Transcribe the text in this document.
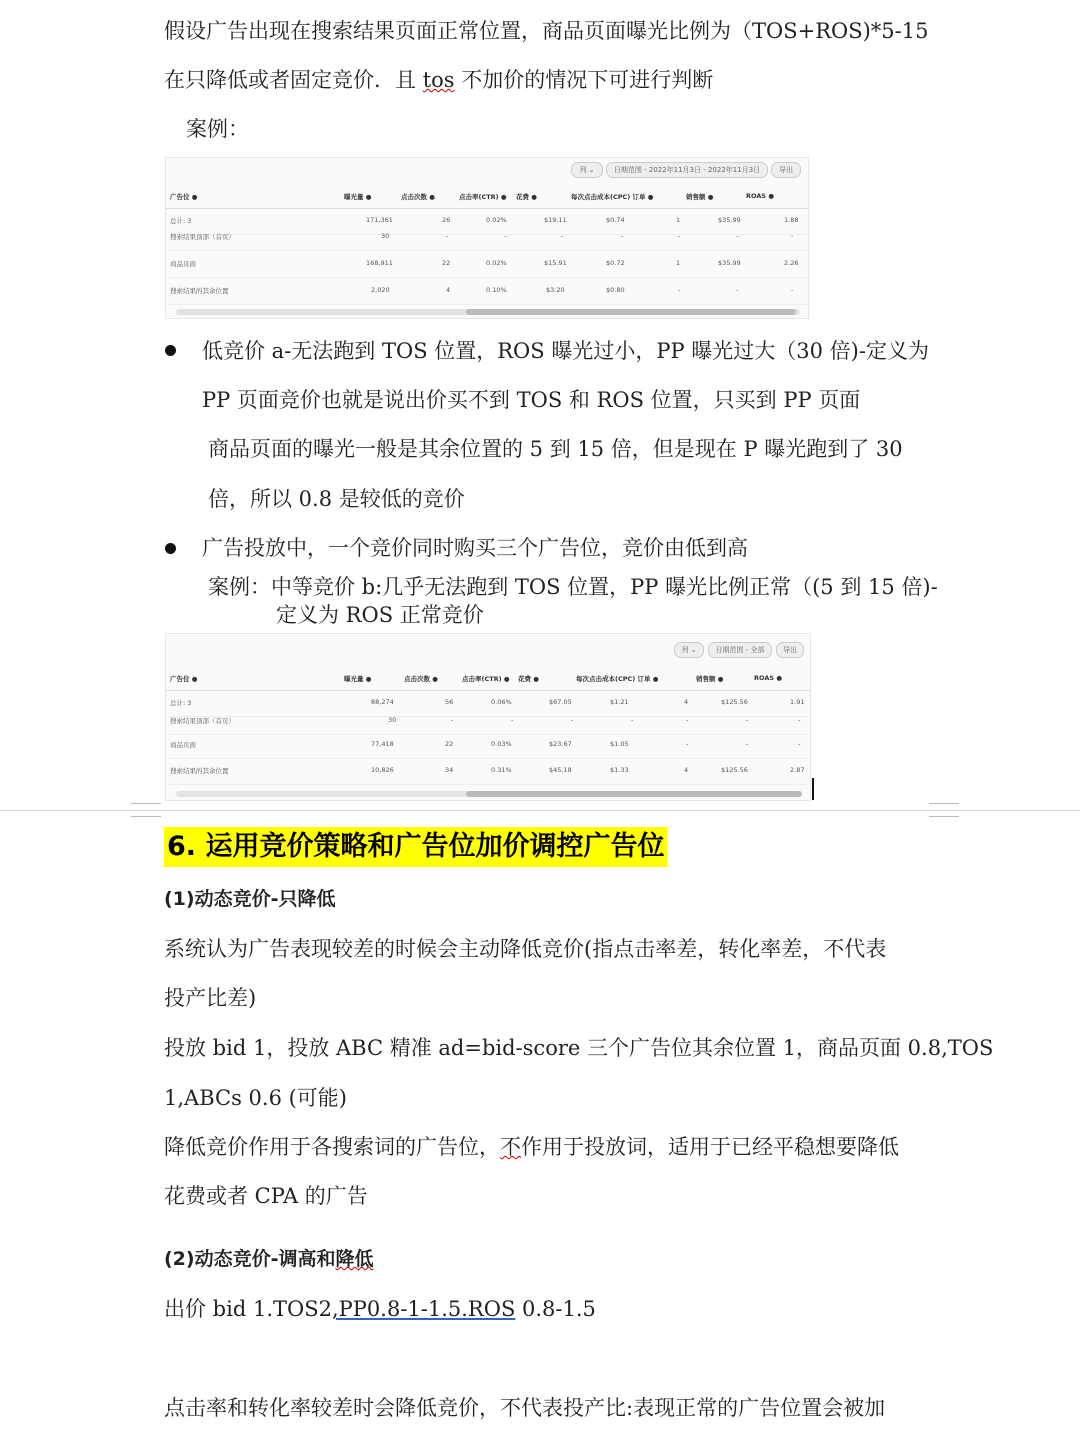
假设广告出现在搜索结果页面正常位置，商品页面曝光比例为（TOS+ROS)*5-15
在只降低或者固定竞价．且 tos 不加价的情况下可进行判断
案例：
列 ⌄	日期范围 - 2022年11月3日 - 2022年11月3日	导出
广告位 ●	曝光量 ●	点击次数 ●	点击率(CTR) ● 花费 ●	每次点击成本(CPC) 订单 ●	销售额 ●	ROAS ●
总计: 3	171,361	26	0.02%	$19.11	$0.74	1	$35.99	1.88
搜索结果顶部（首页）	30	-	-	-	-	-	-	-
商品页面	168,911	22	0.02%	$15.91	$0.72	1	$35.99	2.26
搜索结果的其余位置	2,020	4	0.10%	$3.20	$0.80	-	-	-
低竞价 a-无法跑到 TOS 位置，ROS 曝光过小，PP 曝光过大（30 倍)-定义为
PP 页面竞价也就是说出价买不到 TOS 和 ROS 位置，只买到 PP 页面
商品页面的曝光一般是其余位置的 5 到 15 倍，但是现在 P 曝光跑到了 30
倍，所以 0.8 是较低的竞价
广告投放中，一个竞价同时购买三个广告位，竞价由低到高
案例：中等竞价 b:几乎无法跑到 TOS 位置，PP 曝光比例正常（(5 到 15 倍)-
定义为 ROS 正常竞价
列 ⌄	日期范围 - 全部	导出
广告位 ●	曝光量 ●	点击次数 ●	点击率(CTR) ● 花费 ●	每次点击成本(CPC) 订单 ●	销售额 ●	ROAS ●
总计: 3	88,274	56	0.06%	$67.05	$1.21	4	$125.56	1.91
搜索结果顶部（首页）	30	-	-	-	-	-	-	-
商品页面	77,418	22	0.03%	$23.67	$1.05	-	-	-
搜索结果的其余位置	10,826	34	0.31%	$45.18	$1.33	4	$125.56	2.87
6. 运用竞价策略和广告位加价调控广告位
(1)动态竞价-只降低
系统认为广告表现较差的时候会主动降低竞价(指点击率差，转化率差，不代表
投产比差)
投放 bid 1，投放 ABC 精准 ad=bid-score 三个广告位其余位置 1，商品页面 0.8,TOS
1,ABCs 0.6 (可能)
降低竞价作用于各搜索词的广告位，不作用于投放词，适用于已经平稳想要降低
花费或者 CPA 的广告
(2)动态竞价-调高和降低
出价 bid 1.TOS2,PP0.8-1-1.5.ROS 0.8-1.5
点击率和转化率较差时会降低竞价，不代表投产比:表现正常的广告位置会被加
